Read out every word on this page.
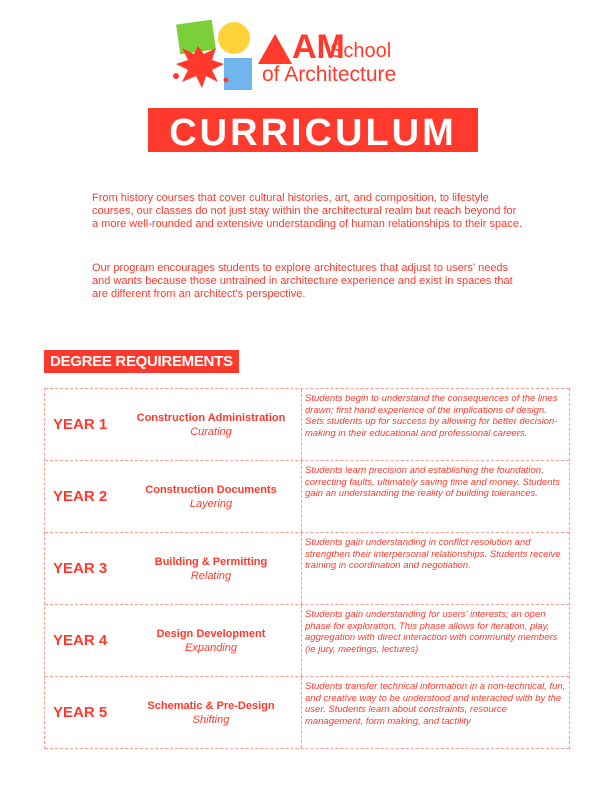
AM
School
of Architecture
CURRICULUM
From history courses that cover cultural histories, art, and composition, to lifestyle courses, our classes do not just stay within the architectural realm but reach beyond for a more well-rounded and extensive understanding of human relationships to their space.
Our program encourages students to explore architectures that adjust to users' needs and wants because those untrained in architecture experience and exist in spaces that are different from an architect's perspective.
DEGREE REQUIREMENTS
YEAR 1	Construction Administration
Curating
Students begin to understand the consequences of the lines drawn; first hand experience of the implications of design. Sets students up for success by allowing for better decision-making in their educational and professional careers.
YEAR 2	Construction Documents
Layering
Students learn precision and establishing the foundation, correcting faults, ultimately saving time and money. Students gain an understanding the reality of building tolerances.
YEAR 3	Building & Permitting
Relating
Students gain understanding in conflict resolution and strengthen their interpersonal relationships. Students receive training in coordination and negotiation.
YEAR 4	Design Development
Expanding
Students gain understanding for users' interests; an open phase for exploration. This phase allows for iteration, play, aggregation with direct interaction with community members (ie jury, meetings, lectures)
YEAR 5	Schematic & Pre-Design
Shifting
Students transfer technical information in a non-technical, fun, and creative way to be understood and interacted with by the user. Students learn about constraints, resource management, form making, and tactility
